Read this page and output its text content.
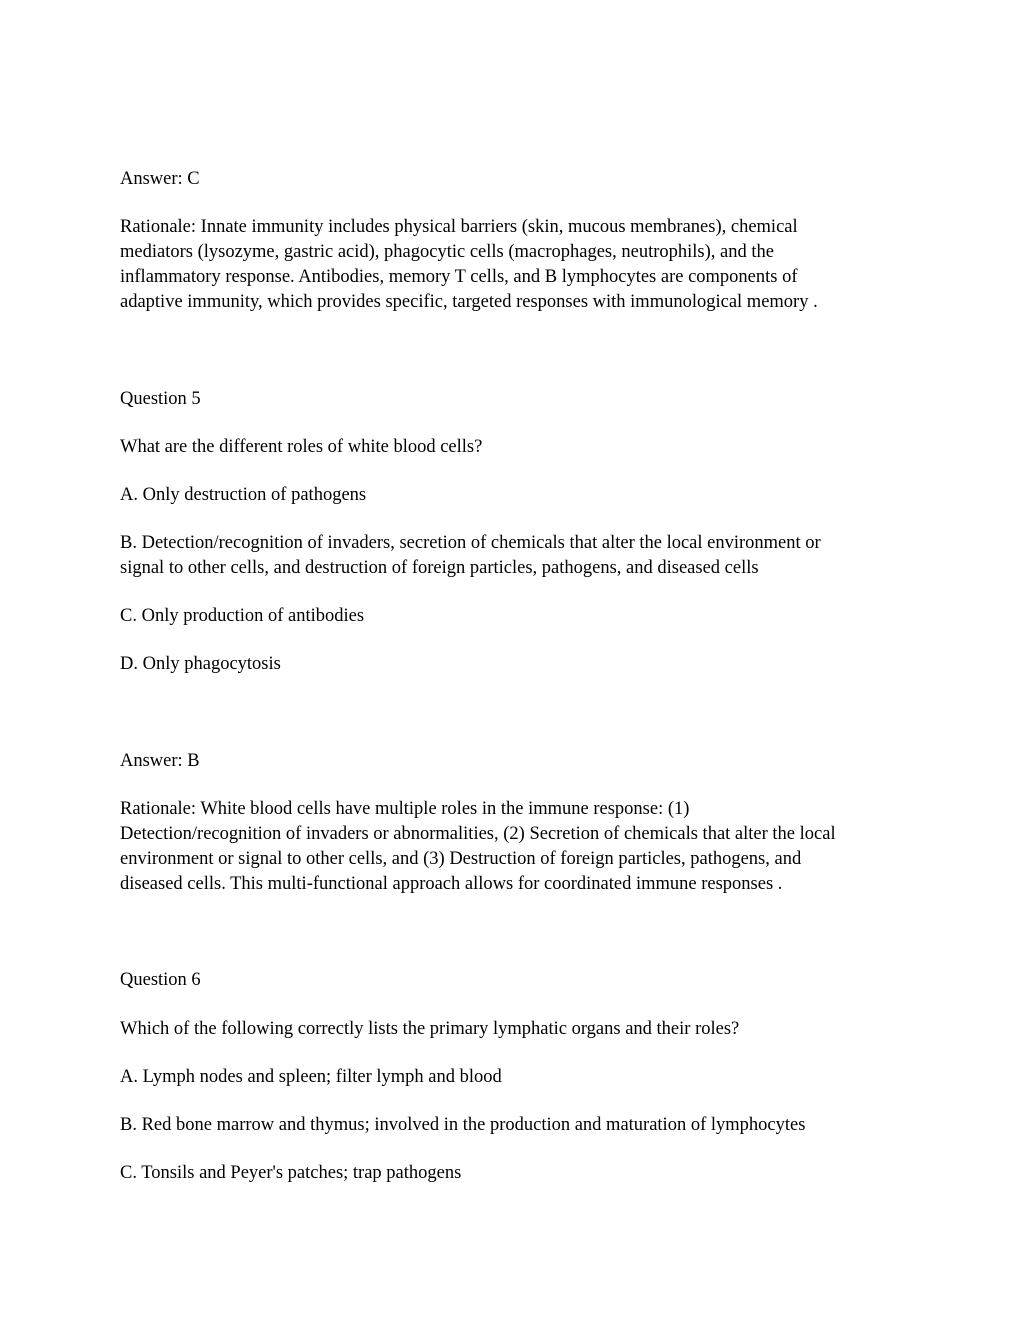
Answer: C

Rationale: Innate immunity includes physical barriers (skin, mucous membranes), chemical
mediators (lysozyme, gastric acid), phagocytic cells (macrophages, neutrophils), and the
inflammatory response. Antibodies, memory T cells, and B lymphocytes are components of
adaptive immunity, which provides specific, targeted responses with immunological memory .

Question 5

What are the different roles of white blood cells?

A. Only destruction of pathogens

B. Detection/recognition of invaders, secretion of chemicals that alter the local environment or
signal to other cells, and destruction of foreign particles, pathogens, and diseased cells

C. Only production of antibodies

D. Only phagocytosis

Answer: B

Rationale: White blood cells have multiple roles in the immune response: (1)
Detection/recognition of invaders or abnormalities, (2) Secretion of chemicals that alter the local
environment or signal to other cells, and (3) Destruction of foreign particles, pathogens, and
diseased cells. This multi-functional approach allows for coordinated immune responses .

Question 6

Which of the following correctly lists the primary lymphatic organs and their roles?

A. Lymph nodes and spleen; filter lymph and blood

B. Red bone marrow and thymus; involved in the production and maturation of lymphocytes

C. Tonsils and Peyer's patches; trap pathogens
